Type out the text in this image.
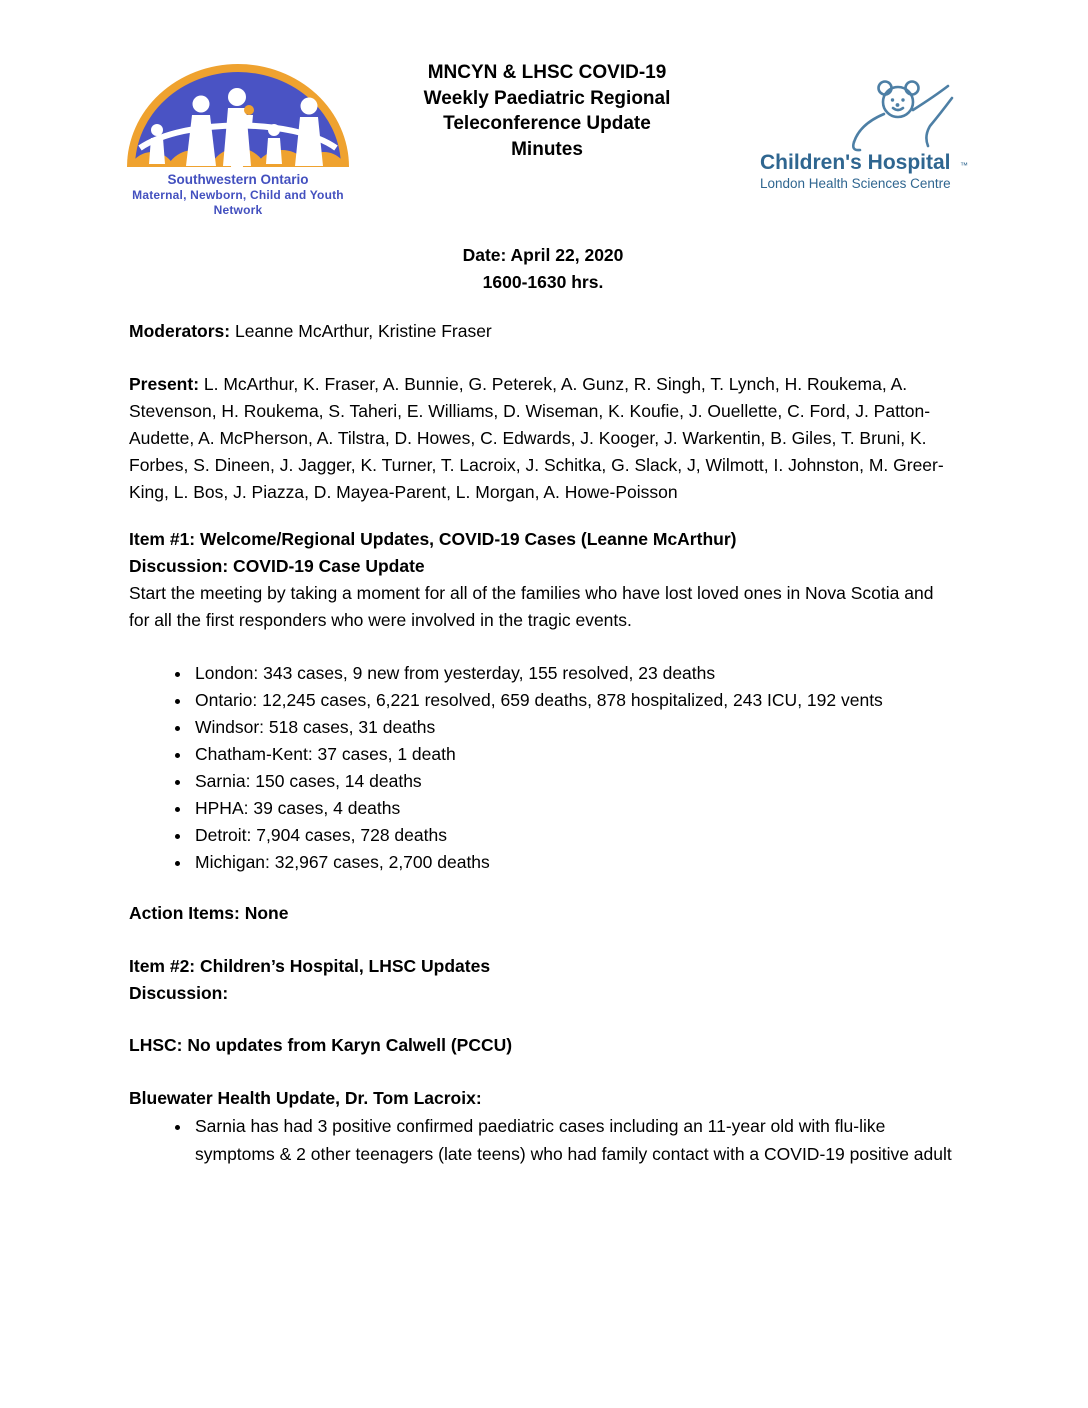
Southwestern Ontario
Maternal, Newborn, Child and Youth Network
MNCYN & LHSC COVID-19
Weekly Paediatric Regional
Teleconference Update
Minutes
™
Children's Hospital
London Health Sciences Centre
Date: April 22, 2020
1600-1630 hrs.
Moderators: Leanne McArthur, Kristine Fraser
Present: L. McArthur, K. Fraser, A. Bunnie, G. Peterek, A. Gunz, R. Singh, T. Lynch, H. Roukema, A. Stevenson, H. Roukema, S. Taheri, E. Williams, D. Wiseman, K. Koufie, J. Ouellette, C. Ford, J. Patton-Audette, A. McPherson, A. Tilstra, D. Howes, C. Edwards, J. Kooger, J. Warkentin, B. Giles, T. Bruni, K. Forbes, S. Dineen, J. Jagger, K. Turner, T. Lacroix, J. Schitka, G. Slack, J, Wilmott, I. Johnston, M. Greer-King, L. Bos, J. Piazza, D. Mayea-Parent, L. Morgan, A. Howe-Poisson
Item #1: Welcome/Regional Updates, COVID-19 Cases (Leanne McArthur)
Discussion: COVID-19 Case Update
Start the meeting by taking a moment for all of the families who have lost loved ones in Nova Scotia and for all the first responders who were involved in the tragic events.
• London: 343 cases, 9 new from yesterday, 155 resolved, 23 deaths
• Ontario: 12,245 cases, 6,221 resolved, 659 deaths, 878 hospitalized, 243 ICU, 192 vents
• Windsor: 518 cases, 31 deaths
• Chatham-Kent: 37 cases, 1 death
• Sarnia: 150 cases, 14 deaths
• HPHA: 39 cases, 4 deaths
• Detroit: 7,904 cases, 728 deaths
• Michigan: 32,967 cases, 2,700 deaths
Action Items: None
Item #2: Children’s Hospital, LHSC Updates
Discussion:
LHSC: No updates from Karyn Calwell (PCCU)
Bluewater Health Update, Dr. Tom Lacroix:
• Sarnia has had 3 positive confirmed paediatric cases including an 11-year old with flu-like symptoms & 2 other teenagers (late teens) who had family contact with a COVID-19 positive adult
